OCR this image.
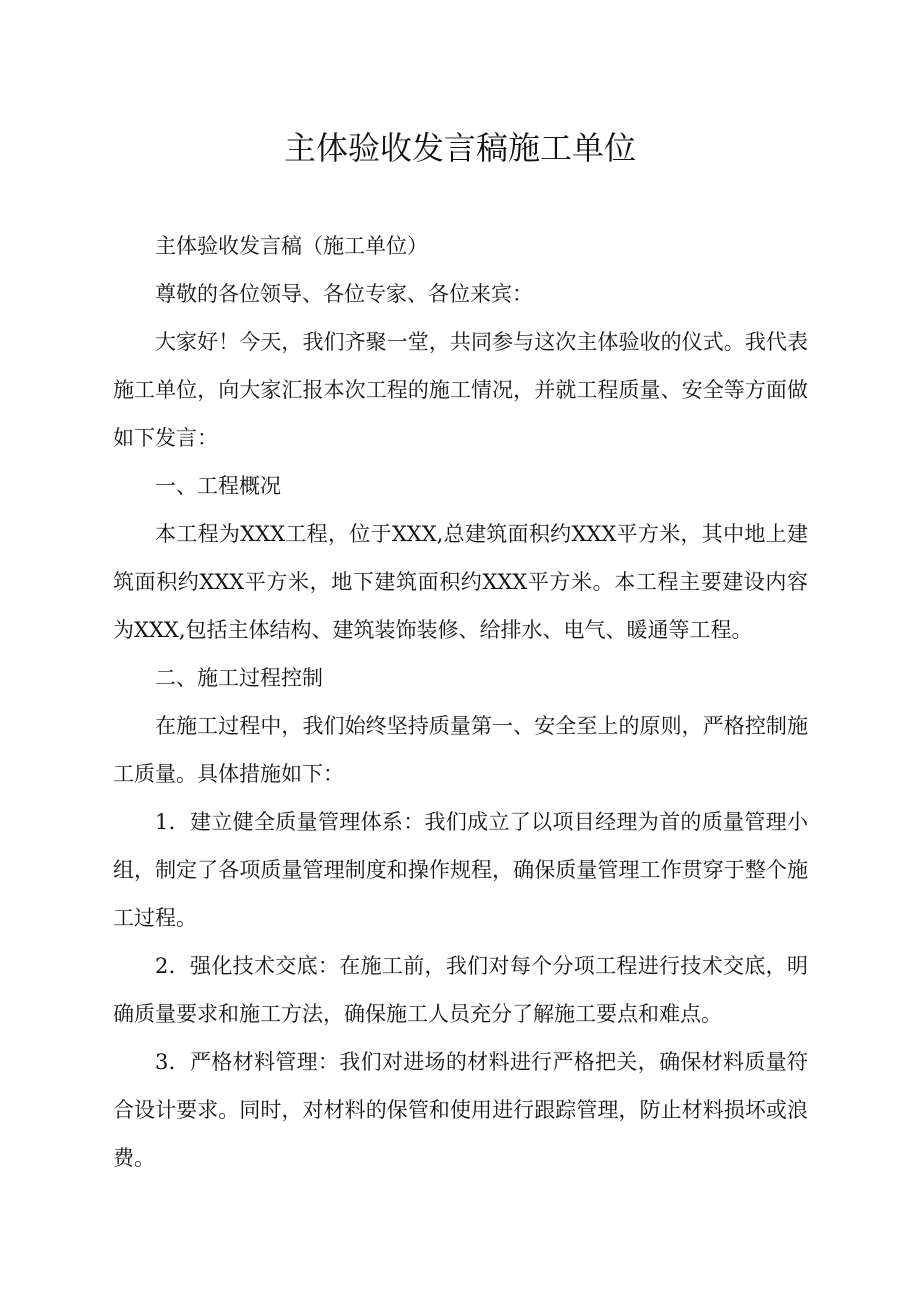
主体验收发言稿施工单位

主体验收发言稿（施工单位）

尊敬的各位领导、各位专家、各位来宾：

大家好！今天，我们齐聚一堂，共同参与这次主体验收的仪式。我代表施工单位，向大家汇报本次工程的施工情况，并就工程质量、安全等方面做如下发言：

一、工程概况

本工程为XXX工程，位于XXX,总建筑面积约XXX平方米，其中地上建筑面积约XXX平方米，地下建筑面积约XXX平方米。本工程主要建设内容为XXX,包括主体结构、建筑装饰装修、给排水、电气、暖通等工程。

二、施工过程控制

在施工过程中，我们始终坚持质量第一、安全至上的原则，严格控制施工质量。具体措施如下：

1．建立健全质量管理体系：我们成立了以项目经理为首的质量管理小组，制定了各项质量管理制度和操作规程，确保质量管理工作贯穿于整个施工过程。

2．强化技术交底：在施工前，我们对每个分项工程进行技术交底，明确质量要求和施工方法，确保施工人员充分了解施工要点和难点。

3．严格材料管理：我们对进场的材料进行严格把关，确保材料质量符合设计要求。同时，对材料的保管和使用进行跟踪管理，防止材料损坏或浪费。
